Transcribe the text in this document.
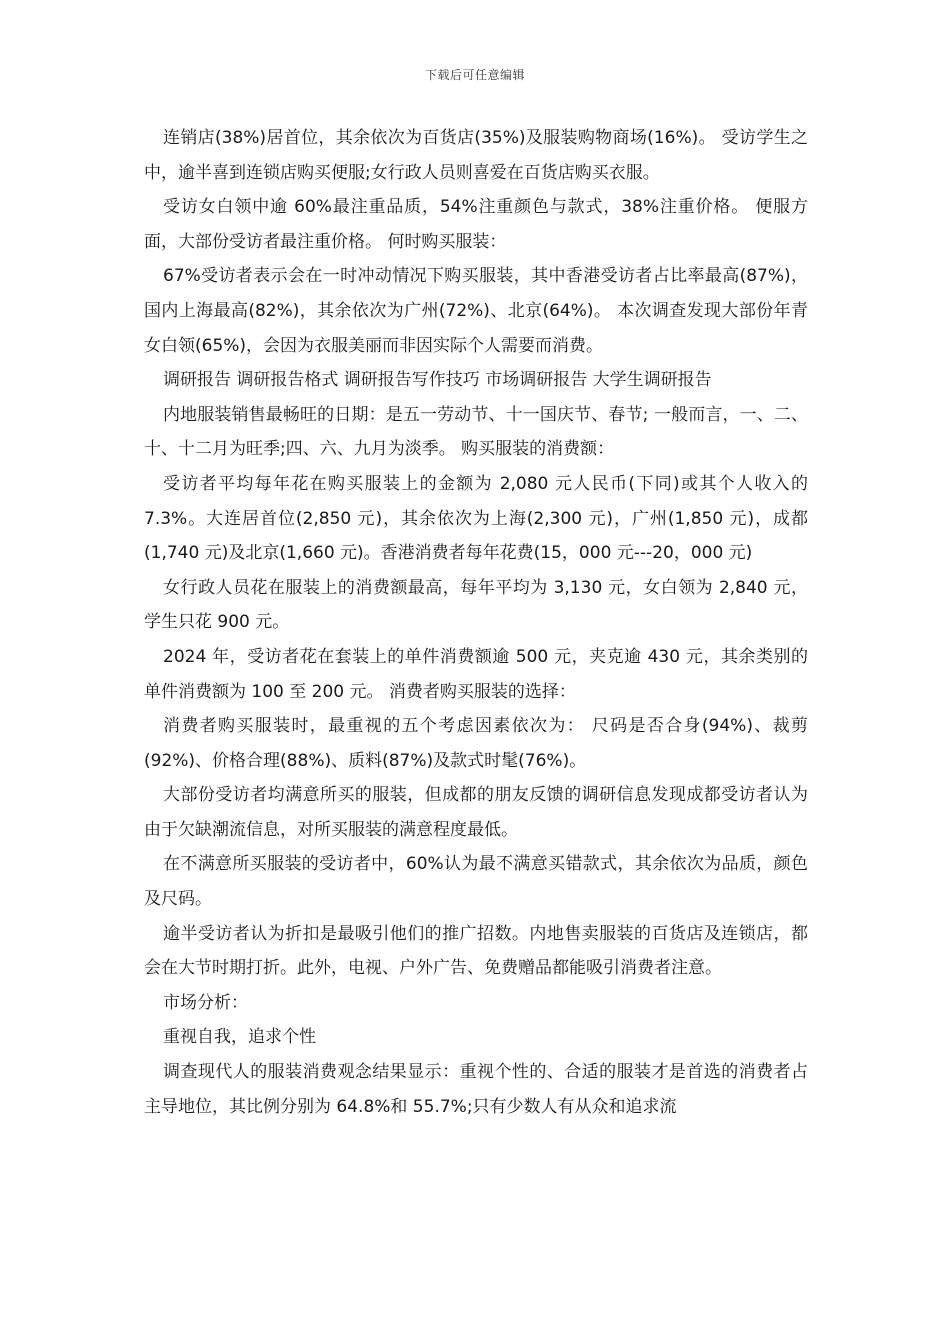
下载后可任意编辑

连销店(38%)居首位，其余依次为百货店(35%)及服装购物商场(16%)。 受访学生之中，逾半喜到连锁店购买便服;女行政人员则喜爱在百货店购买衣服。

受访女白领中逾 60%最注重品质，54%注重颜色与款式，38%注重价格。 便服方面，大部份受访者最注重价格。 何时购买服装：

67%受访者表示会在一时冲动情况下购买服装，其中香港受访者占比率最高(87%)，国内上海最高(82%)，其余依次为广州(72%)、北京(64%)。 本次调查发现大部份年青女白领(65%)，会因为衣服美丽而非因实际个人需要而消费。

调研报告 调研报告格式 调研报告写作技巧 市场调研报告 大学生调研报告

内地服装销售最畅旺的日期：是五一劳动节、十一国庆节、春节; 一般而言，一、二、十、十二月为旺季;四、六、九月为淡季。 购买服装的消费额：

受访者平均每年花在购买服装上的金额为 2,080 元人民币(下同)或其个人收入的 7.3%。大连居首位(2,850 元)，其余依次为上海(2,300 元)，广州(1,850 元)，成都(1,740 元)及北京(1,660 元)。香港消费者每年花费(15，000 元---20，000 元)

女行政人员花在服装上的消费额最高，每年平均为 3,130 元，女白领为 2,840 元，学生只花 900 元。

2024 年，受访者花在套装上的单件消费额逾 500 元，夹克逾 430 元，其余类别的单件消费额为 100 至 200 元。 消费者购买服装的选择：

消费者购买服装时，最重视的五个考虑因素依次为： 尺码是否合身(94%)、裁剪(92%)、价格合理(88%)、质料(87%)及款式时髦(76%)。

大部份受访者均满意所买的服装，但成都的朋友反馈的调研信息发现成都受访者认为由于欠缺潮流信息，对所买服装的满意程度最低。

在不满意所买服装的受访者中，60%认为最不满意买错款式，其余依次为品质，颜色及尺码。

逾半受访者认为折扣是最吸引他们的推广招数。内地售卖服装的百货店及连锁店，都会在大节时期打折。此外，电视、户外广告、免费赠品都能吸引消费者注意。

市场分析：

重视自我，追求个性

调查现代人的服装消费观念结果显示：重视个性的、合适的服装才是首选的消费者占主导地位，其比例分别为 64.8%和 55.7%;只有少数人有从众和追求流
